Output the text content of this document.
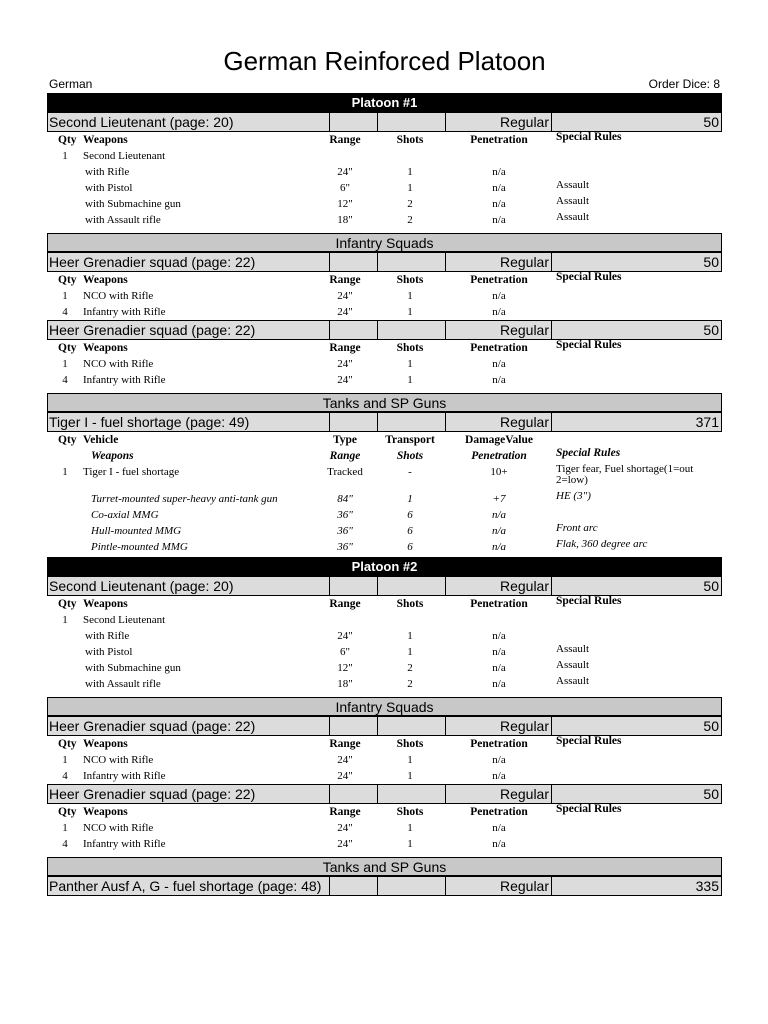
German Reinforced Platoon
German	Order Dice: 8
Platoon #1
Second Lieutenant (page: 20)	Regular	50
Qty Weapons	Range	Shots	Penetration	Special Rules
1	Second Lieutenant
with Rifle	24"	1	n/a
with Pistol	6"	1	n/a	Assault
with Submachine gun	12"	2	n/a	Assault
with Assault rifle	18"	2	n/a	Assault
Infantry Squads
Heer Grenadier squad (page: 22)	Regular	50
Qty Weapons	Range	Shots	Penetration	Special Rules
1	NCO with Rifle	24"	1	n/a
4	Infantry with Rifle	24"	1	n/a
Heer Grenadier squad (page: 22)	Regular	50
Qty Weapons	Range	Shots	Penetration	Special Rules
1	NCO with Rifle	24"	1	n/a
4	Infantry with Rifle	24"	1	n/a
Tanks and SP Guns
Tiger I - fuel shortage (page: 49)	Regular	371
Qty Vehicle	Type	Transport	DamageValue
Weapons	Range	Shots	Penetration	Special Rules
1	Tiger I - fuel shortage	Tracked	-	10+	Tiger fear, Fuel shortage(1=out 2=low)
Turret-mounted super-heavy anti-tank gun	84"	1	+7	HE (3")
Co-axial MMG	36"	6	n/a
Hull-mounted MMG	36"	6	n/a	Front arc
Pintle-mounted MMG	36"	6	n/a	Flak, 360 degree arc
Platoon #2
Second Lieutenant (page: 20)	Regular	50
Qty Weapons	Range	Shots	Penetration	Special Rules
1	Second Lieutenant
with Rifle	24"	1	n/a
with Pistol	6"	1	n/a	Assault
with Submachine gun	12"	2	n/a	Assault
with Assault rifle	18"	2	n/a	Assault
Infantry Squads
Heer Grenadier squad (page: 22)	Regular	50
Qty Weapons	Range	Shots	Penetration	Special Rules
1	NCO with Rifle	24"	1	n/a
4	Infantry with Rifle	24"	1	n/a
Heer Grenadier squad (page: 22)	Regular	50
Qty Weapons	Range	Shots	Penetration	Special Rules
1	NCO with Rifle	24"	1	n/a
4	Infantry with Rifle	24"	1	n/a
Tanks and SP Guns
Panther Ausf A, G - fuel shortage (page: 48)	Regular	335
